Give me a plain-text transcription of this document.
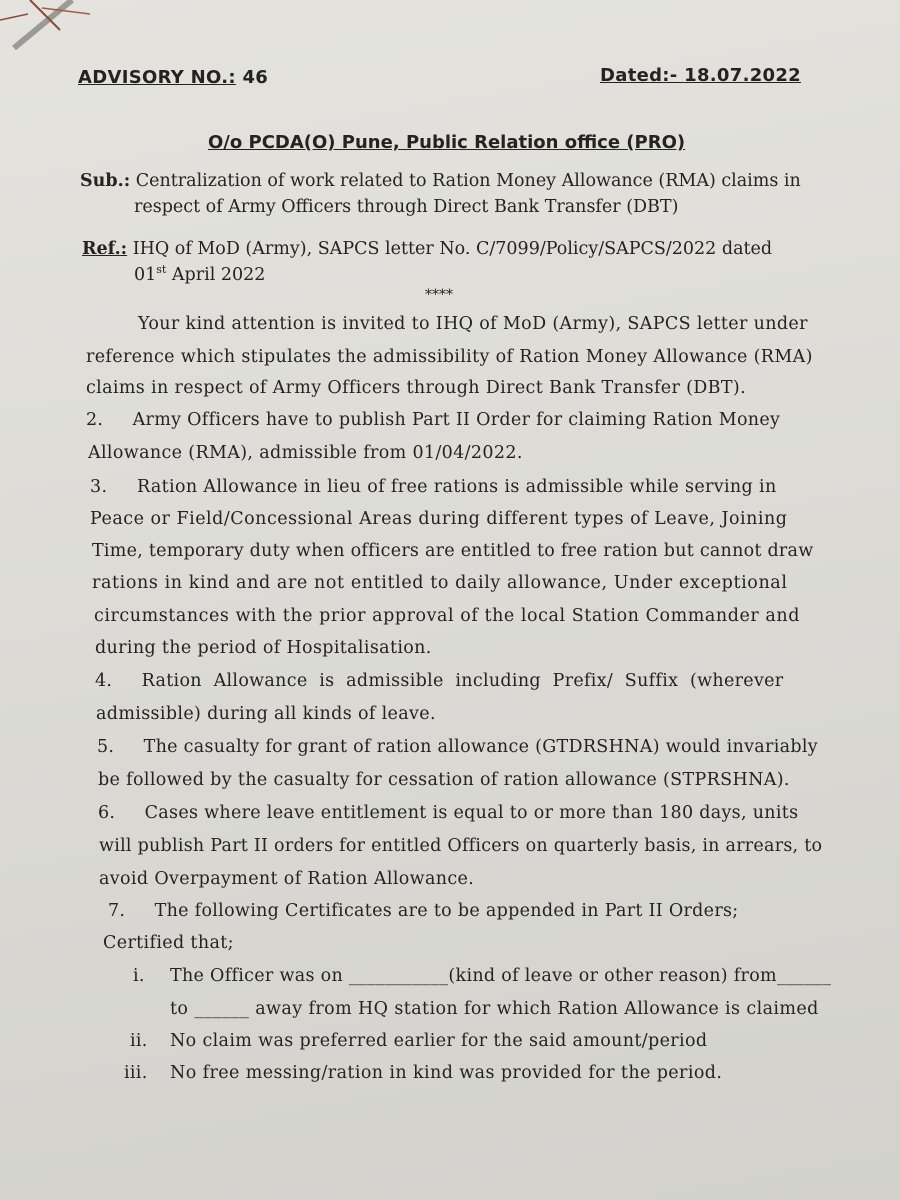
ADVISORY NO.: 46	Dated:- 18.07.2022
O/o PCDA(O) Pune, Public Relation office (PRO)
Sub.: Centralization of work related to Ration Money Allowance (RMA) claims in
respect of Army Officers through Direct Bank Transfer (DBT)
Ref.: IHQ of MoD (Army), SAPCS letter No. C/7099/Policy/SAPCS/2022 dated
01st April 2022
****
Your kind attention is invited to IHQ of MoD (Army), SAPCS letter under
reference which stipulates the admissibility of Ration Money Allowance (RMA)
claims in respect of Army Officers through Direct Bank Transfer (DBT).
2.     Army Officers have to publish Part II Order for claiming Ration Money
Allowance (RMA), admissible from 01/04/2022.
3.     Ration Allowance in lieu of free rations is admissible while serving in
Peace or Field/Concessional Areas during different types of Leave, Joining
Time, temporary duty when officers are entitled to free ration but cannot draw
rations in kind and are not entitled to daily allowance, Under exceptional
circumstances with the prior approval of the local Station Commander and
during the period of Hospitalisation.
4.     Ration  Allowance  is  admissible  including  Prefix/  Suffix  (wherever
admissible) during all kinds of leave.
5.     The casualty for grant of ration allowance (GTDRSHNA) would invariably
be followed by the casualty for cessation of ration allowance (STPRSHNA).
6.     Cases where leave entitlement is equal to or more than 180 days, units
will publish Part II orders for entitled Officers on quarterly basis, in arrears, to
avoid Overpayment of Ration Allowance.
7.     The following Certificates are to be appended in Part II Orders;
Certified that;
i. The Officer was on ___________(kind of leave or other reason) from______
to ______ away from HQ station for which Ration Allowance is claimed
ii. No claim was preferred earlier for the said amount/period
iii. No free messing/ration in kind was provided for the period.
